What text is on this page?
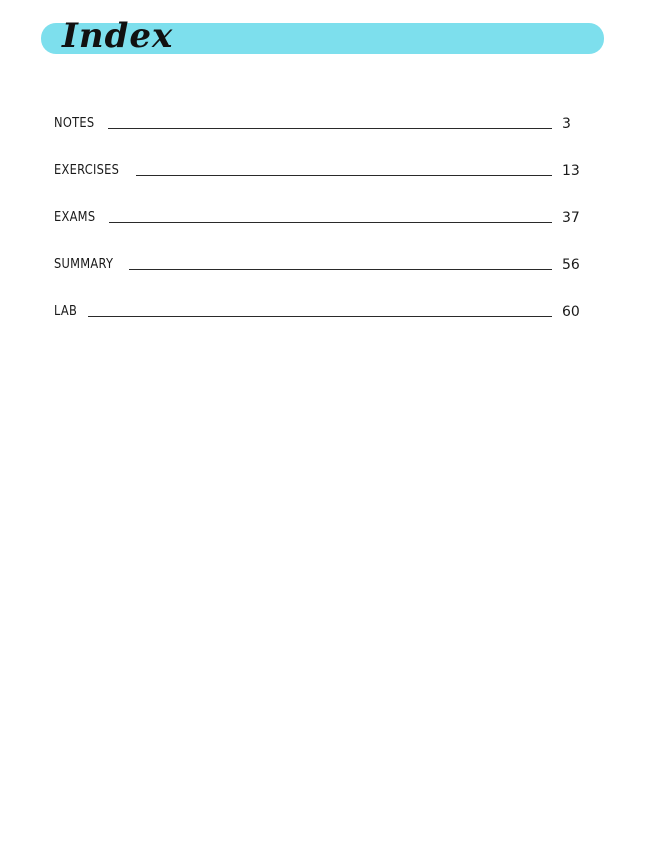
Index
NOTES	3
EXERCISES	13
EXAMS	37
SUMMARY	56
LAB	60
